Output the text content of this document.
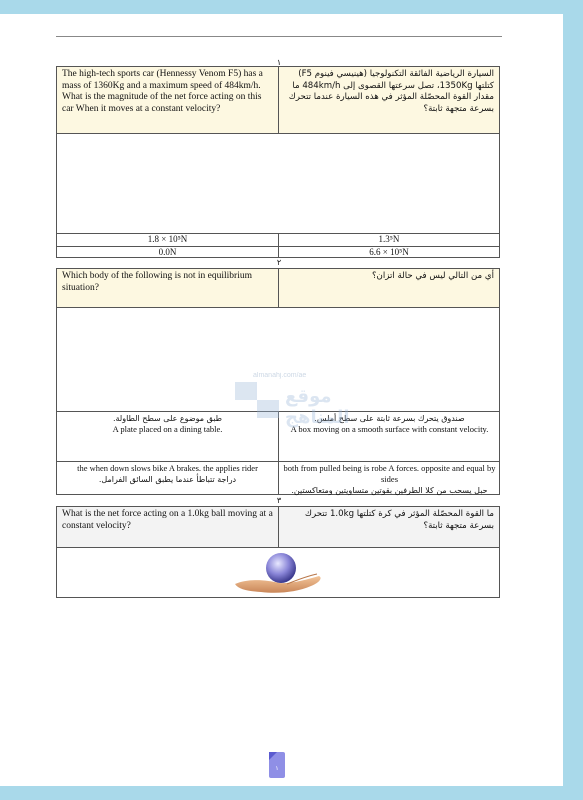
١
The high-tech sports car (Hennessy Venom F5) has a mass of 1360Kg and a maximum speed of 484km/h. What is the magnitude of the net force acting on this car When it moves at a constant velocity?
السيارة الرياضية الفائقة التكنولوجيا (هينيسي فينوم F5) كتلتها 1350Kg، تصل سرعتها القصوى إلى 484km/h ما مقدار القوة المحصّلة المؤثر في هذه السيارة عندما تتحرك بسرعة متجهة ثابتة؟
1.8 × 10⁵N	1.3⁵N
0.0N	6.6 × 10⁵N
٢
Which body of the following is not in equilibrium situation?
أي من التالي ليس في حالة اتزان؟
طبق موضوع على سطح الطاولة.
A plate placed on a dining table.
صندوق يتحرك بسرعة ثابتة على سطح أملس.
A box moving on a smooth surface with constant velocity.
the when down slows bike A brakes. the applies rider
دراجة تتباطأ عندما يطبق السائق الفرامل.
both from pulled being is robe A forces. opposite and equal by sides
حبل يسحب من كلا الطرفين بقوتين متساويتين ومتعاكستين.
٣
What is the net force acting on a 1.0kg ball moving at a constant velocity?
ما القوة المحصّلة المؤثر في كرة كتلتها 1.0kg تتحرك بسرعة متجهة ثابتة؟
almanahj.com/ae
موقع المناهج
١
